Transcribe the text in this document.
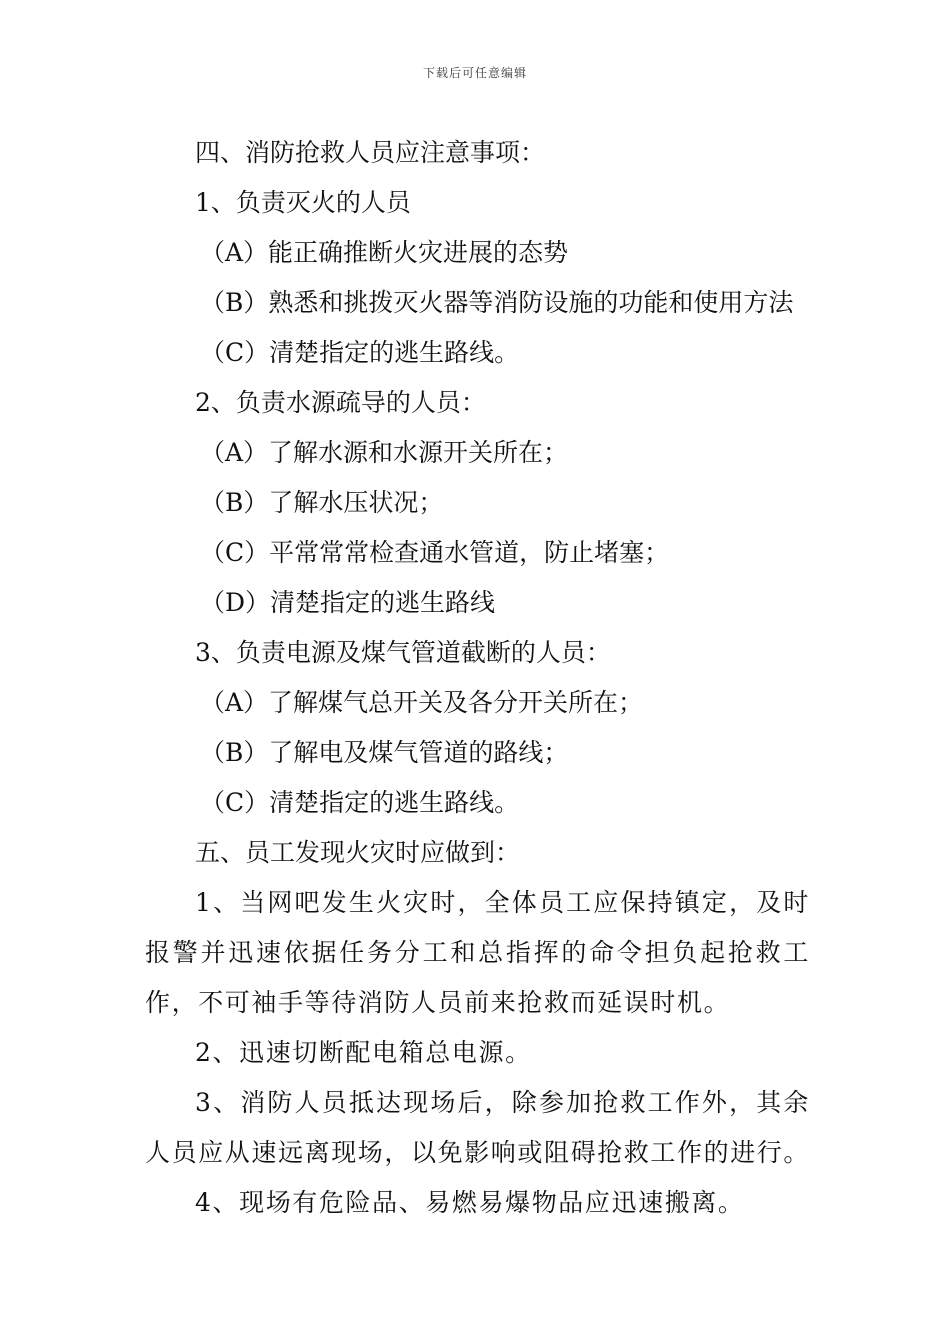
下载后可任意编辑
四、消防抢救人员应注意事项：
1、负责灭火的人员
（A）能正确推断火灾进展的态势
（B）熟悉和挑拨灭火器等消防设施的功能和使用方法
（C）清楚指定的逃生路线。
2、负责水源疏导的人员：
（A）了解水源和水源开关所在；
（B）了解水压状况；
（C）平常常常检查通水管道，防止堵塞；
（D）清楚指定的逃生路线
3、负责电源及煤气管道截断的人员：
（A）了解煤气总开关及各分开关所在；
（B）了解电及煤气管道的路线；
（C）清楚指定的逃生路线。
五、员工发现火灾时应做到：
1、当网吧发生火灾时，全体员工应保持镇定，及时报警并迅速依据任务分工和总指挥的命令担负起抢救工作，不可袖手等待消防人员前来抢救而延误时机。
2、迅速切断配电箱总电源。
3、消防人员抵达现场后，除参加抢救工作外，其余人员应从速远离现场，以免影响或阻碍抢救工作的进行。
4、现场有危险品、易燃易爆物品应迅速搬离。
